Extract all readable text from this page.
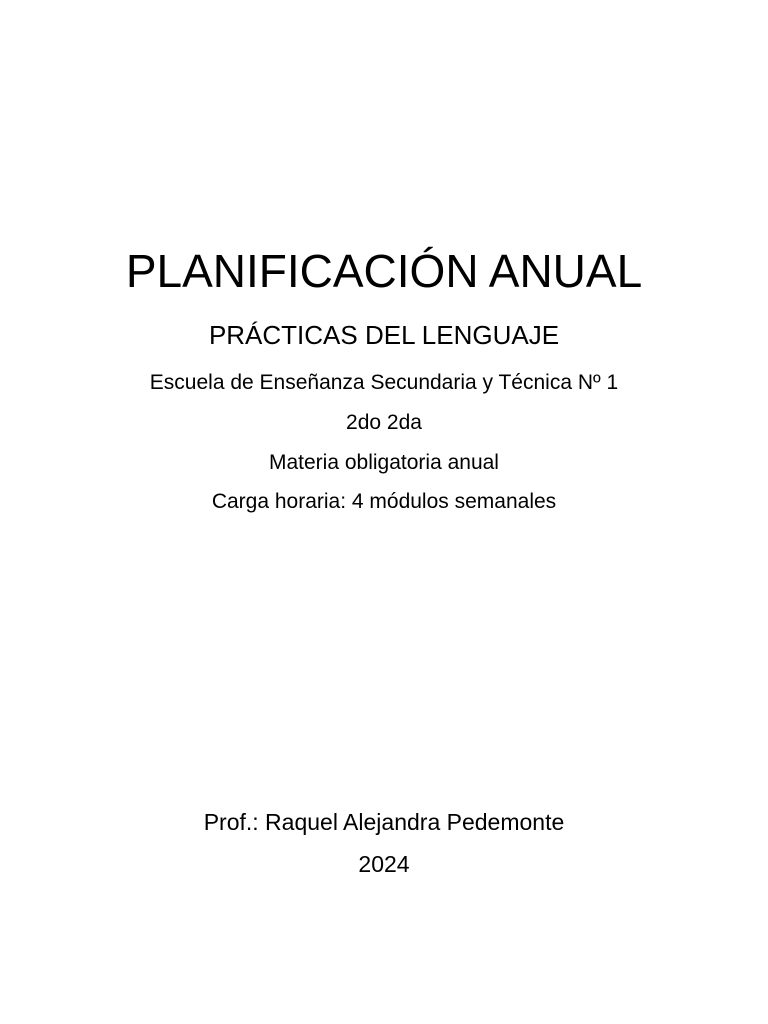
PLANIFICACIÓN ANUAL
PRÁCTICAS DEL LENGUAJE
Escuela de Enseñanza Secundaria y Técnica Nº 1
2do 2da
Materia obligatoria anual
Carga horaria: 4 módulos semanales
Prof.: Raquel Alejandra Pedemonte
2024
